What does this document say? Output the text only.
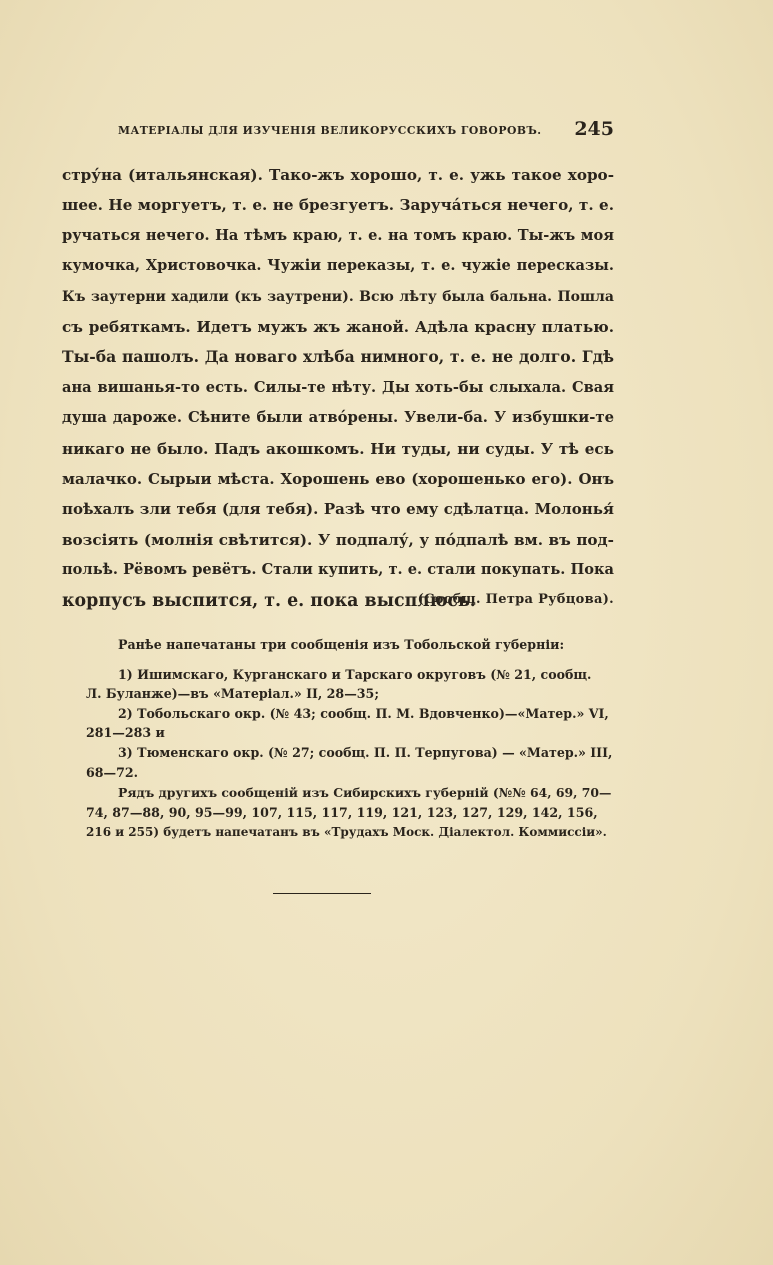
МАТЕРІАЛЫ ДЛЯ ИЗУЧЕНІЯ ВЕЛИКОРУССКИХЪ ГОВОРОВЪ. 245
стру́на (итальянская). Тако-жъ хорошо, т. е. ужь такое хоро-
шее. Не моргуетъ, т. е. не брезгуетъ. Заручáться нечего, т. е.
ручаться нечего. На тѣмъ краю, т. е. на томъ краю. Ты-жъ моя
кумочка, Христовочка. Чужіи переказы, т. е. чужіе пересказы.
Къ заутерни хадили (къ заутрени). Всю лѣту была бальна. Пошла
съ ребяткамъ. Идетъ мужъ жъ жаной. Адѣла красну платью.
Ты-ба пашолъ. Да новаго хлѣба нимного, т. е. не долго. Гдѣ
ана вишанья-то есть. Силы-те нѣту. Ды хоть-бы слыхала. Свая
душа дароже. Сѣните были атвóрены. Увели-ба. У избушки-те
никаго не было. Падъ акошкомъ. Ни туды, ни суды. У тѣ есь
малачко. Сырыи мѣста. Хорошень ево (хорошенько его). Онъ
поѣхалъ зли тебя (для тебя). Разѣ что ему сдѣлатца. Молонья́
возсіять (молнія свѣтится). У подпалу́, у пóдпалѣ вм. въ под-
польѣ. Рёвомъ ревётъ. Стали купить, т. е. стали покупать. Пока
корпусъ выспится, т. е. пока высплюсь.
(Сообщ. Петра Рубцова).
Ранѣе напечатаны три сообщенія изъ Тобольской губерніи:
1) Ишимскаго, Курганскаго и Тарскаго округовъ (№ 21, сообщ.
Л. Буланже)—въ «Матеріал.» II, 28—35;
2) Тобольскаго окр. (№ 43; сообщ. П. М. Вдовченко)—«Матер.» VI,
281—283 и
3) Тюменскаго окр. (№ 27; сообщ. П. П. Терпугова) — «Матер.» III,
68—72.
Рядъ другихъ сообщеній изъ Сибирскихъ губерній (№№ 64, 69, 70—
74, 87—88, 90, 95—99, 107, 115, 117, 119, 121, 123, 127, 129, 142, 156,
216 и 255) будетъ напечатанъ въ «Трудахъ Моск. Діалектол. Коммиссіи».
